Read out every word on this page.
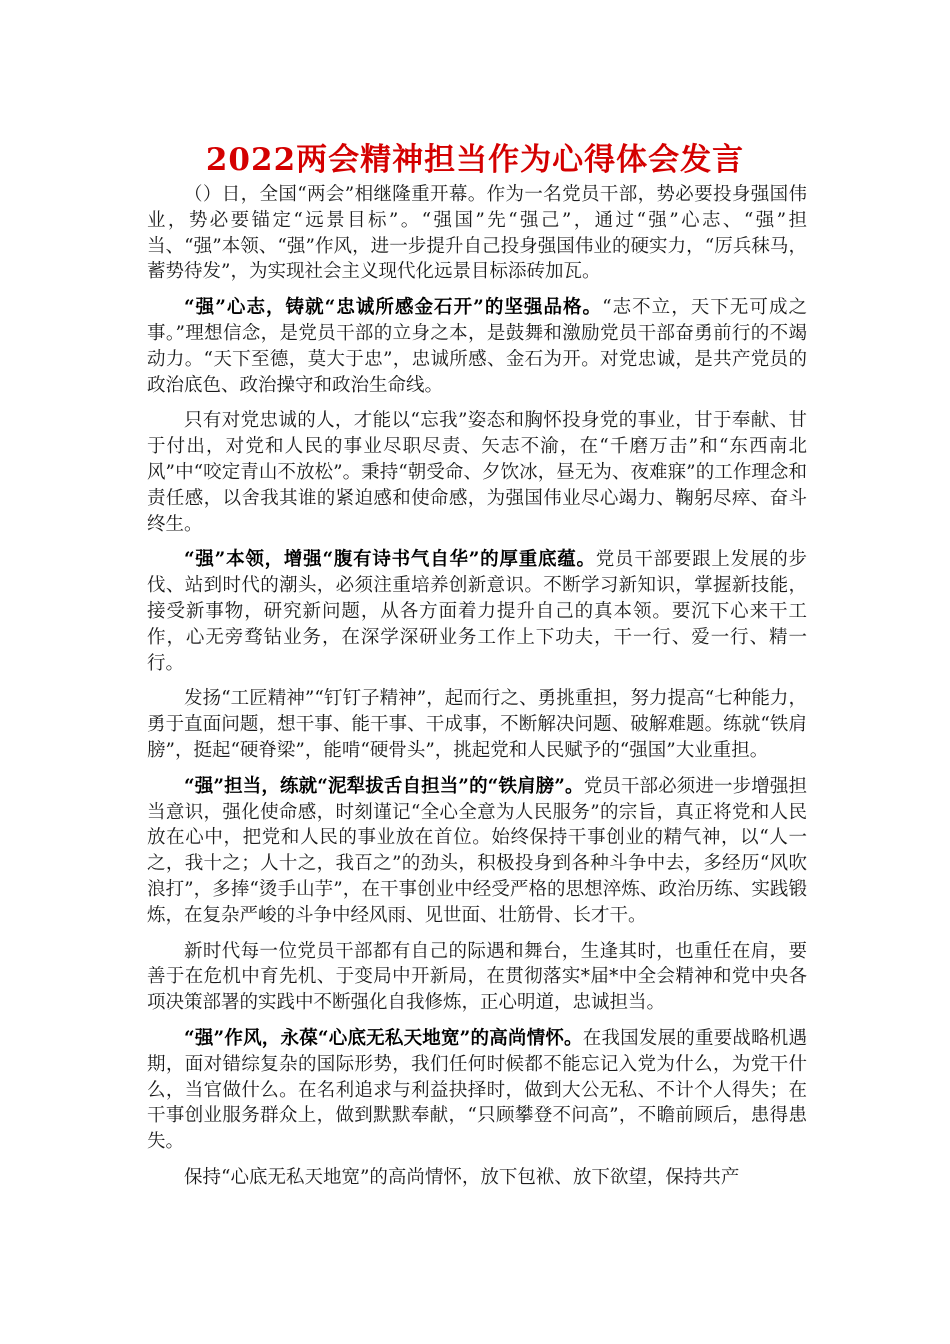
2022两会精神担当作为心得体会发言

（）日，全国“两会”相继隆重开幕。作为一名党员干部，势必要投身强国伟业，势必要锚定“远景目标”。“强国”先“强己”，通过“强”心志、“强”担当、“强”本领、“强”作风，进一步提升自己投身强国伟业的硬实力，“厉兵秣马，蓄势待发”，为实现社会主义现代化远景目标添砖加瓦。

“强”心志，铸就“忠诚所感金石开”的坚强品格。“志不立，天下无可成之事。”理想信念，是党员干部的立身之本，是鼓舞和激励党员干部奋勇前行的不竭动力。“天下至德，莫大于忠”，忠诚所感、金石为开。对党忠诚，是共产党员的政治底色、政治操守和政治生命线。

只有对党忠诚的人，才能以“忘我”姿态和胸怀投身党的事业，甘于奉献、甘于付出，对党和人民的事业尽职尽责、矢志不渝，在“千磨万击”和“东西南北风”中“咬定青山不放松”。秉持“朝受命、夕饮冰，昼无为、夜难寐”的工作理念和责任感，以舍我其谁的紧迫感和使命感，为强国伟业尽心竭力、鞠躬尽瘁、奋斗终生。

“强”本领，增强“腹有诗书气自华”的厚重底蕴。党员干部要跟上发展的步伐、站到时代的潮头，必须注重培养创新意识。不断学习新知识，掌握新技能，接受新事物，研究新问题，从各方面着力提升自己的真本领。要沉下心来干工作，心无旁骛钻业务，在深学深研业务工作上下功夫，干一行、爱一行、精一行。

发扬“工匠精神”“钉钉子精神”，起而行之、勇挑重担，努力提高“七种能力，勇于直面问题，想干事、能干事、干成事，不断解决问题、破解难题。练就“铁肩膀”，挺起“硬脊梁”，能啃“硬骨头”，挑起党和人民赋予的“强国”大业重担。

“强”担当，练就“泥犁拔舌自担当”的“铁肩膀”。党员干部必须进一步增强担当意识，强化使命感，时刻谨记“全心全意为人民服务”的宗旨，真正将党和人民放在心中，把党和人民的事业放在首位。始终保持干事创业的精气神，以“人一之，我十之；人十之，我百之”的劲头，积极投身到各种斗争中去，多经历“风吹浪打”，多捧“烫手山芋”，在干事创业中经受严格的思想淬炼、政治历练、实践锻炼，在复杂严峻的斗争中经风雨、见世面、壮筋骨、长才干。

新时代每一位党员干部都有自己的际遇和舞台，生逢其时，也重任在肩，要善于在危机中育先机、于变局中开新局，在贯彻落实*届*中全会精神和党中央各项决策部署的实践中不断强化自我修炼，正心明道，忠诚担当。

“强”作风，永葆“心底无私天地宽”的高尚情怀。在我国发展的重要战略机遇期，面对错综复杂的国际形势，我们任何时候都不能忘记入党为什么，为党干什么，当官做什么。在名利追求与利益抉择时，做到大公无私、不计个人得失；在干事创业服务群众上，做到默默奉献，“只顾攀登不问高”，不瞻前顾后，患得患失。

保持“心底无私天地宽”的高尚情怀，放下包袱、放下欲望，保持共产
